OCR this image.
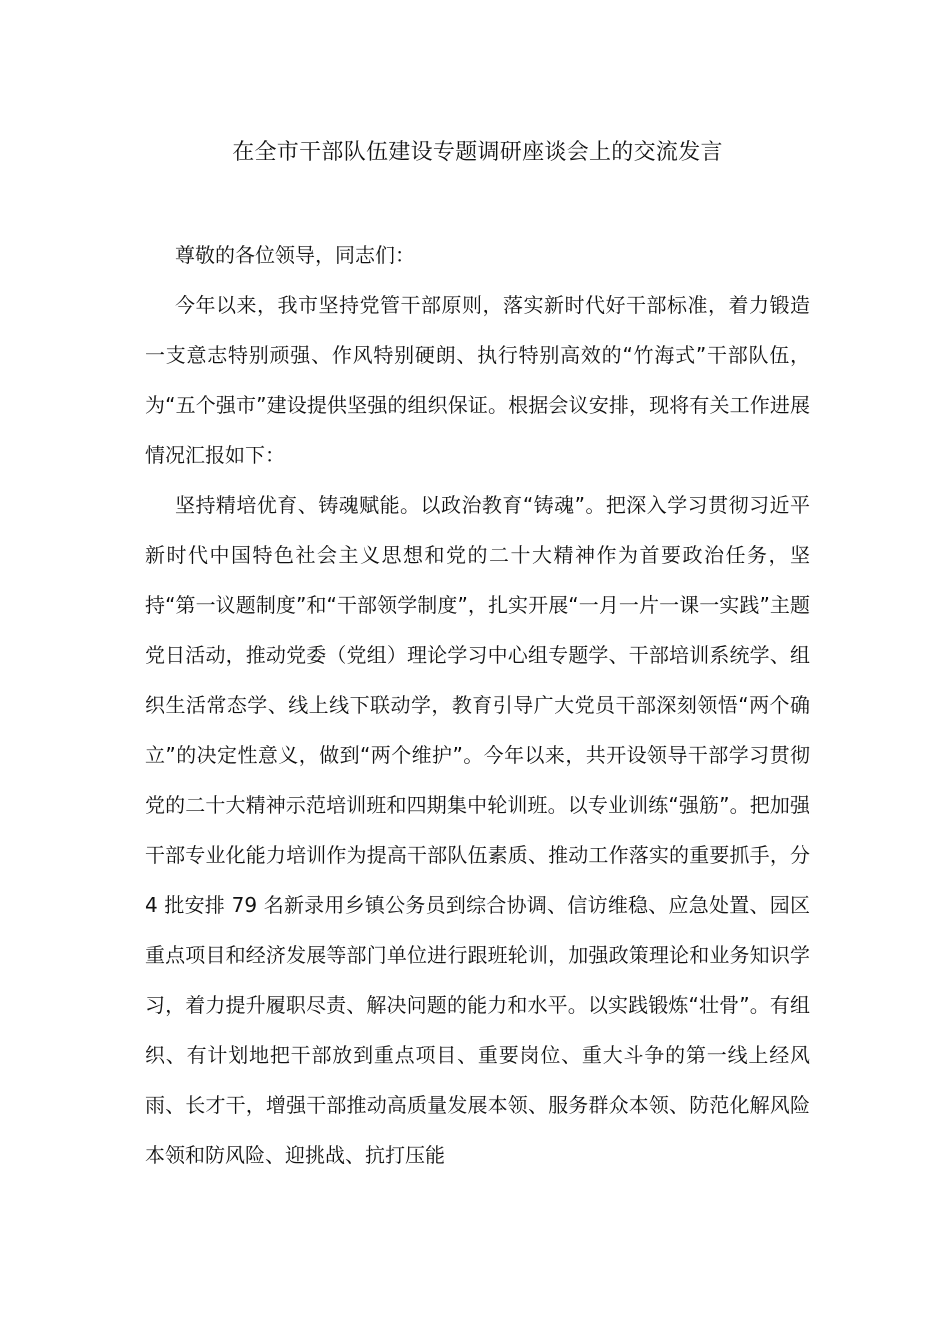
在全市干部队伍建设专题调研座谈会上的交流发言

尊敬的各位领导，同志们：

今年以来，我市坚持党管干部原则，落实新时代好干部标准，着力锻造一支意志特别顽强、作风特别硬朗、执行特别高效的“竹海式”干部队伍，为“五个强市”建设提供坚强的组织保证。根据会议安排，现将有关工作进展情况汇报如下：

坚持精培优育、铸魂赋能。以政治教育“铸魂”。把深入学习贯彻习近平新时代中国特色社会主义思想和党的二十大精神作为首要政治任务，坚持“第一议题制度”和“干部领学制度”，扎实开展“一月一片一课一实践”主题党日活动，推动党委（党组）理论学习中心组专题学、干部培训系统学、组织生活常态学、线上线下联动学，教育引导广大党员干部深刻领悟“两个确立”的决定性意义，做到“两个维护”。今年以来，共开设领导干部学习贯彻党的二十大精神示范培训班和四期集中轮训班。以专业训练“强筋”。把加强干部专业化能力培训作为提高干部队伍素质、推动工作落实的重要抓手，分 4 批安排 79 名新录用乡镇公务员到综合协调、信访维稳、应急处置、园区重点项目和经济发展等部门单位进行跟班轮训，加强政策理论和业务知识学习，着力提升履职尽责、解决问题的能力和水平。以实践锻炼“壮骨”。有组织、有计划地把干部放到重点项目、重要岗位、重大斗争的第一线上经风雨、长才干，增强干部推动高质量发展本领、服务群众本领、防范化解风险本领和防风险、迎挑战、抗打压能
